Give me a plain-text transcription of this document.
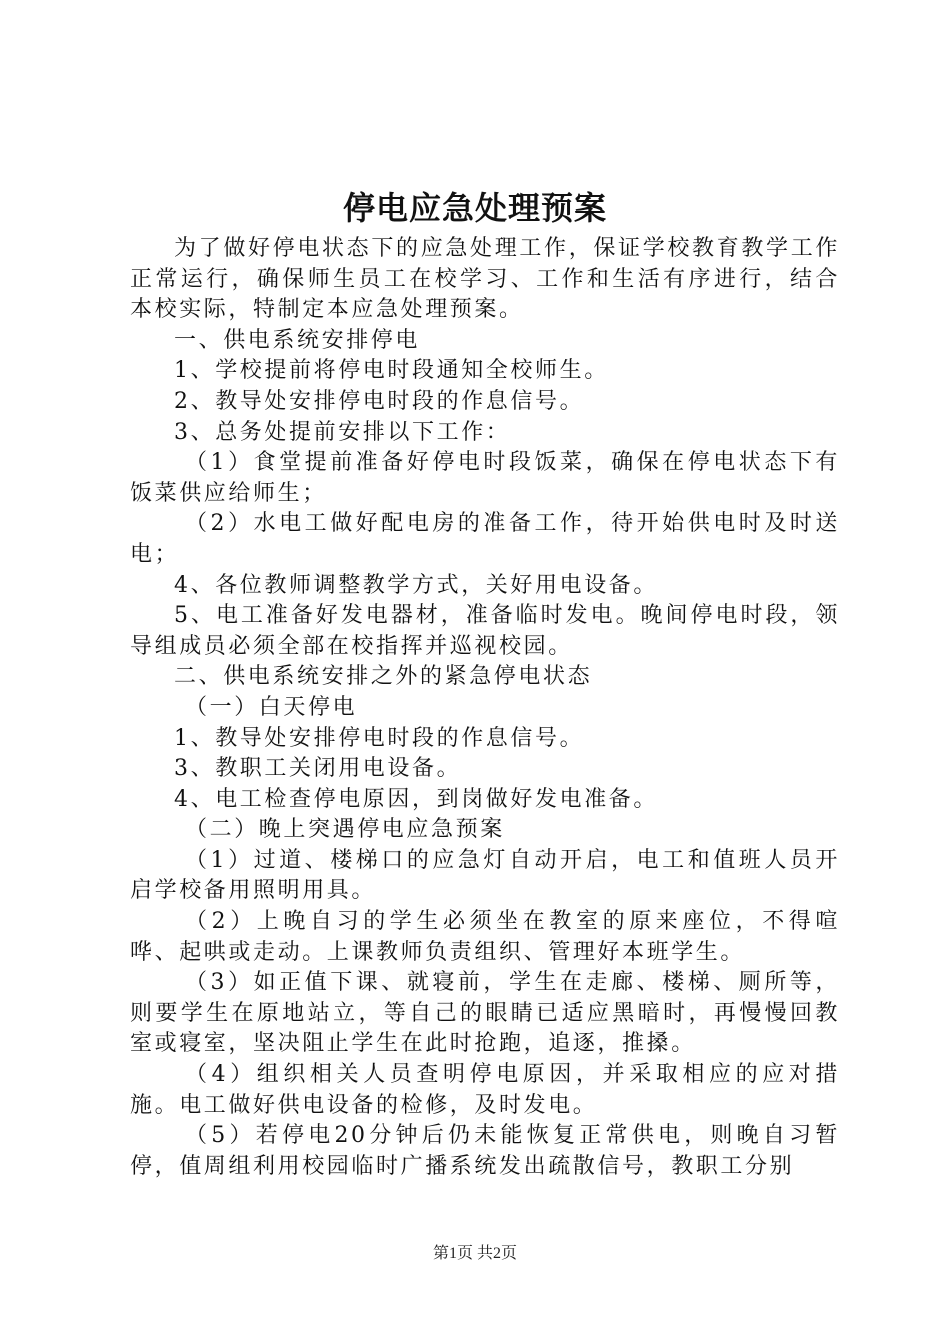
停电应急处理预案

为了做好停电状态下的应急处理工作，保证学校教育教学工作正常运行，确保师生员工在校学习、工作和生活有序进行，结合本校实际，特制定本应急处理预案。

一、供电系统安排停电

1、学校提前将停电时段通知全校师生。

2、教导处安排停电时段的作息信号。

3、总务处提前安排以下工作：

（1）食堂提前准备好停电时段饭菜，确保在停电状态下有饭菜供应给师生；

（2）水电工做好配电房的准备工作，待开始供电时及时送电；

4、各位教师调整教学方式，关好用电设备。

5、电工准备好发电器材，准备临时发电。晚间停电时段，领导组成员必须全部在校指挥并巡视校园。

二、供电系统安排之外的紧急停电状态

（一）白天停电

1、教导处安排停电时段的作息信号。

3、教职工关闭用电设备。

4、电工检查停电原因，到岗做好发电准备。

（二）晚上突遇停电应急预案

（1）过道、楼梯口的应急灯自动开启，电工和值班人员开启学校备用照明用具。

（2）上晚自习的学生必须坐在教室的原来座位，不得喧哗、起哄或走动。上课教师负责组织、管理好本班学生。

（3）如正值下课、就寝前，学生在走廊、楼梯、厕所等，则要学生在原地站立，等自己的眼睛已适应黑暗时，再慢慢回教室或寝室，坚决阻止学生在此时抢跑，追逐，推搡。

（4）组织相关人员查明停电原因，并采取相应的应对措施。电工做好供电设备的检修，及时发电。

（5）若停电20分钟后仍未能恢复正常供电，则晚自习暂停，值周组利用校园临时广播系统发出疏散信号，教职工分别

第1页 共2页
